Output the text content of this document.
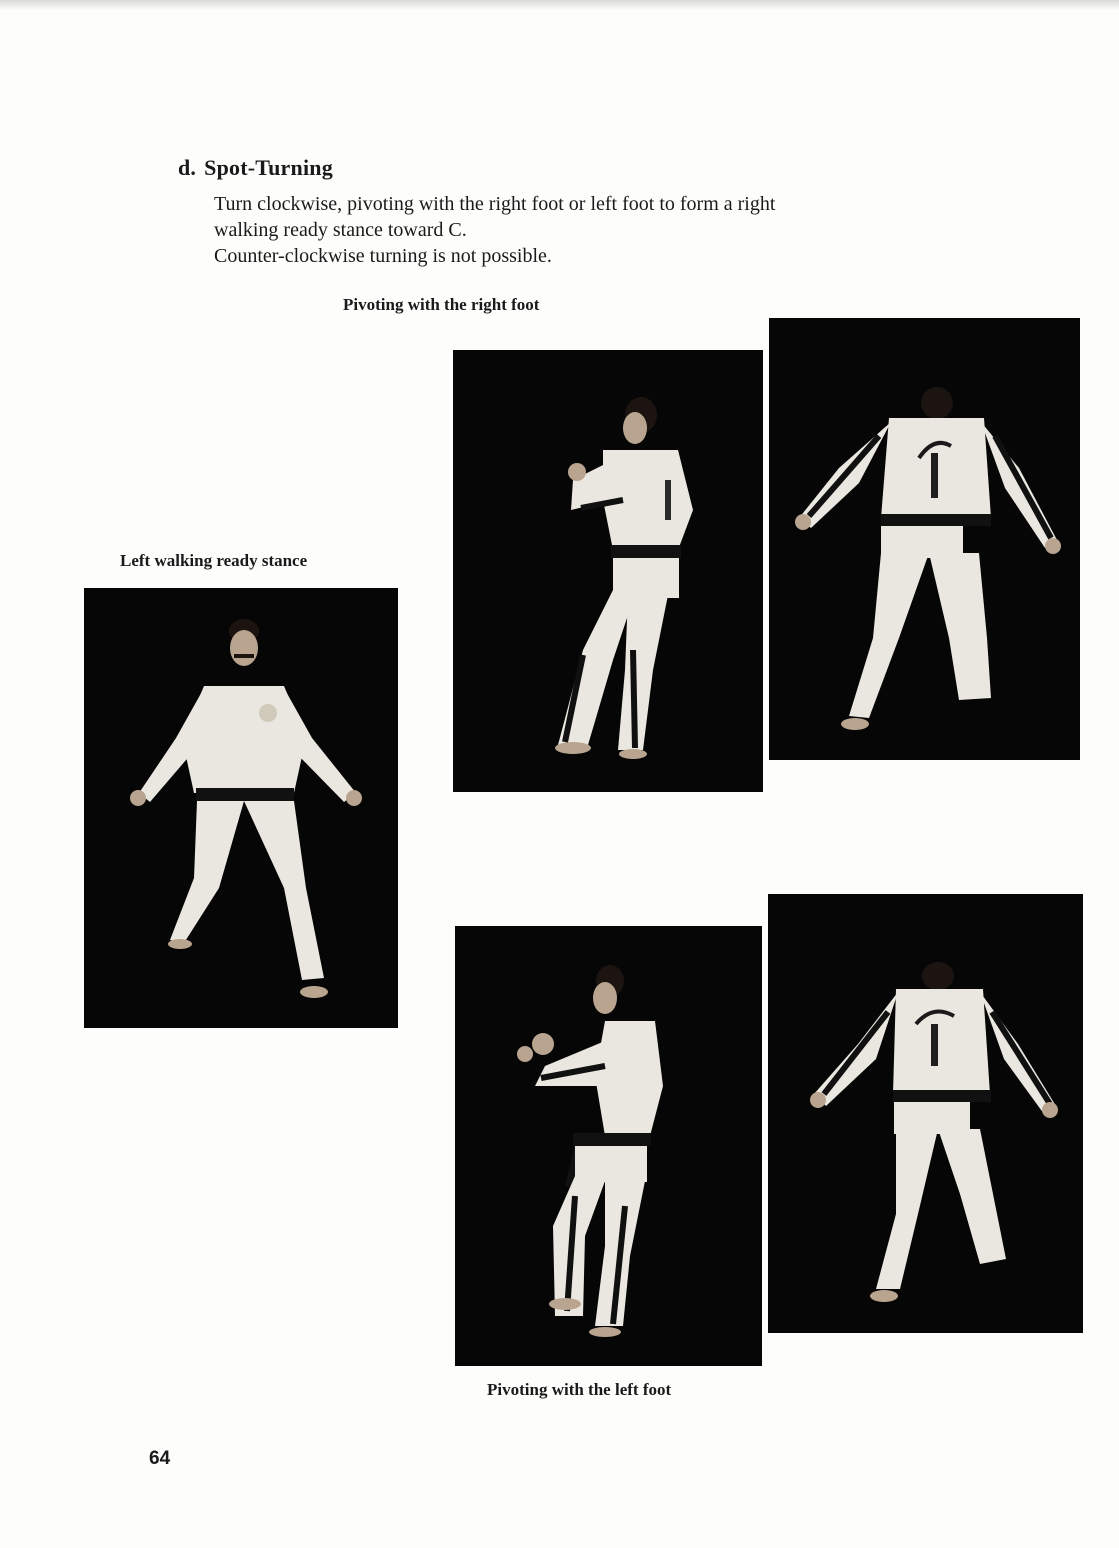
d. Spot-Turning
Turn clockwise, pivoting with the right foot or left foot to form a right
walking ready stance toward C.
Counter-clockwise turning is not possible.
Pivoting with the right foot
Left walking ready stance
Pivoting with the left foot
64
